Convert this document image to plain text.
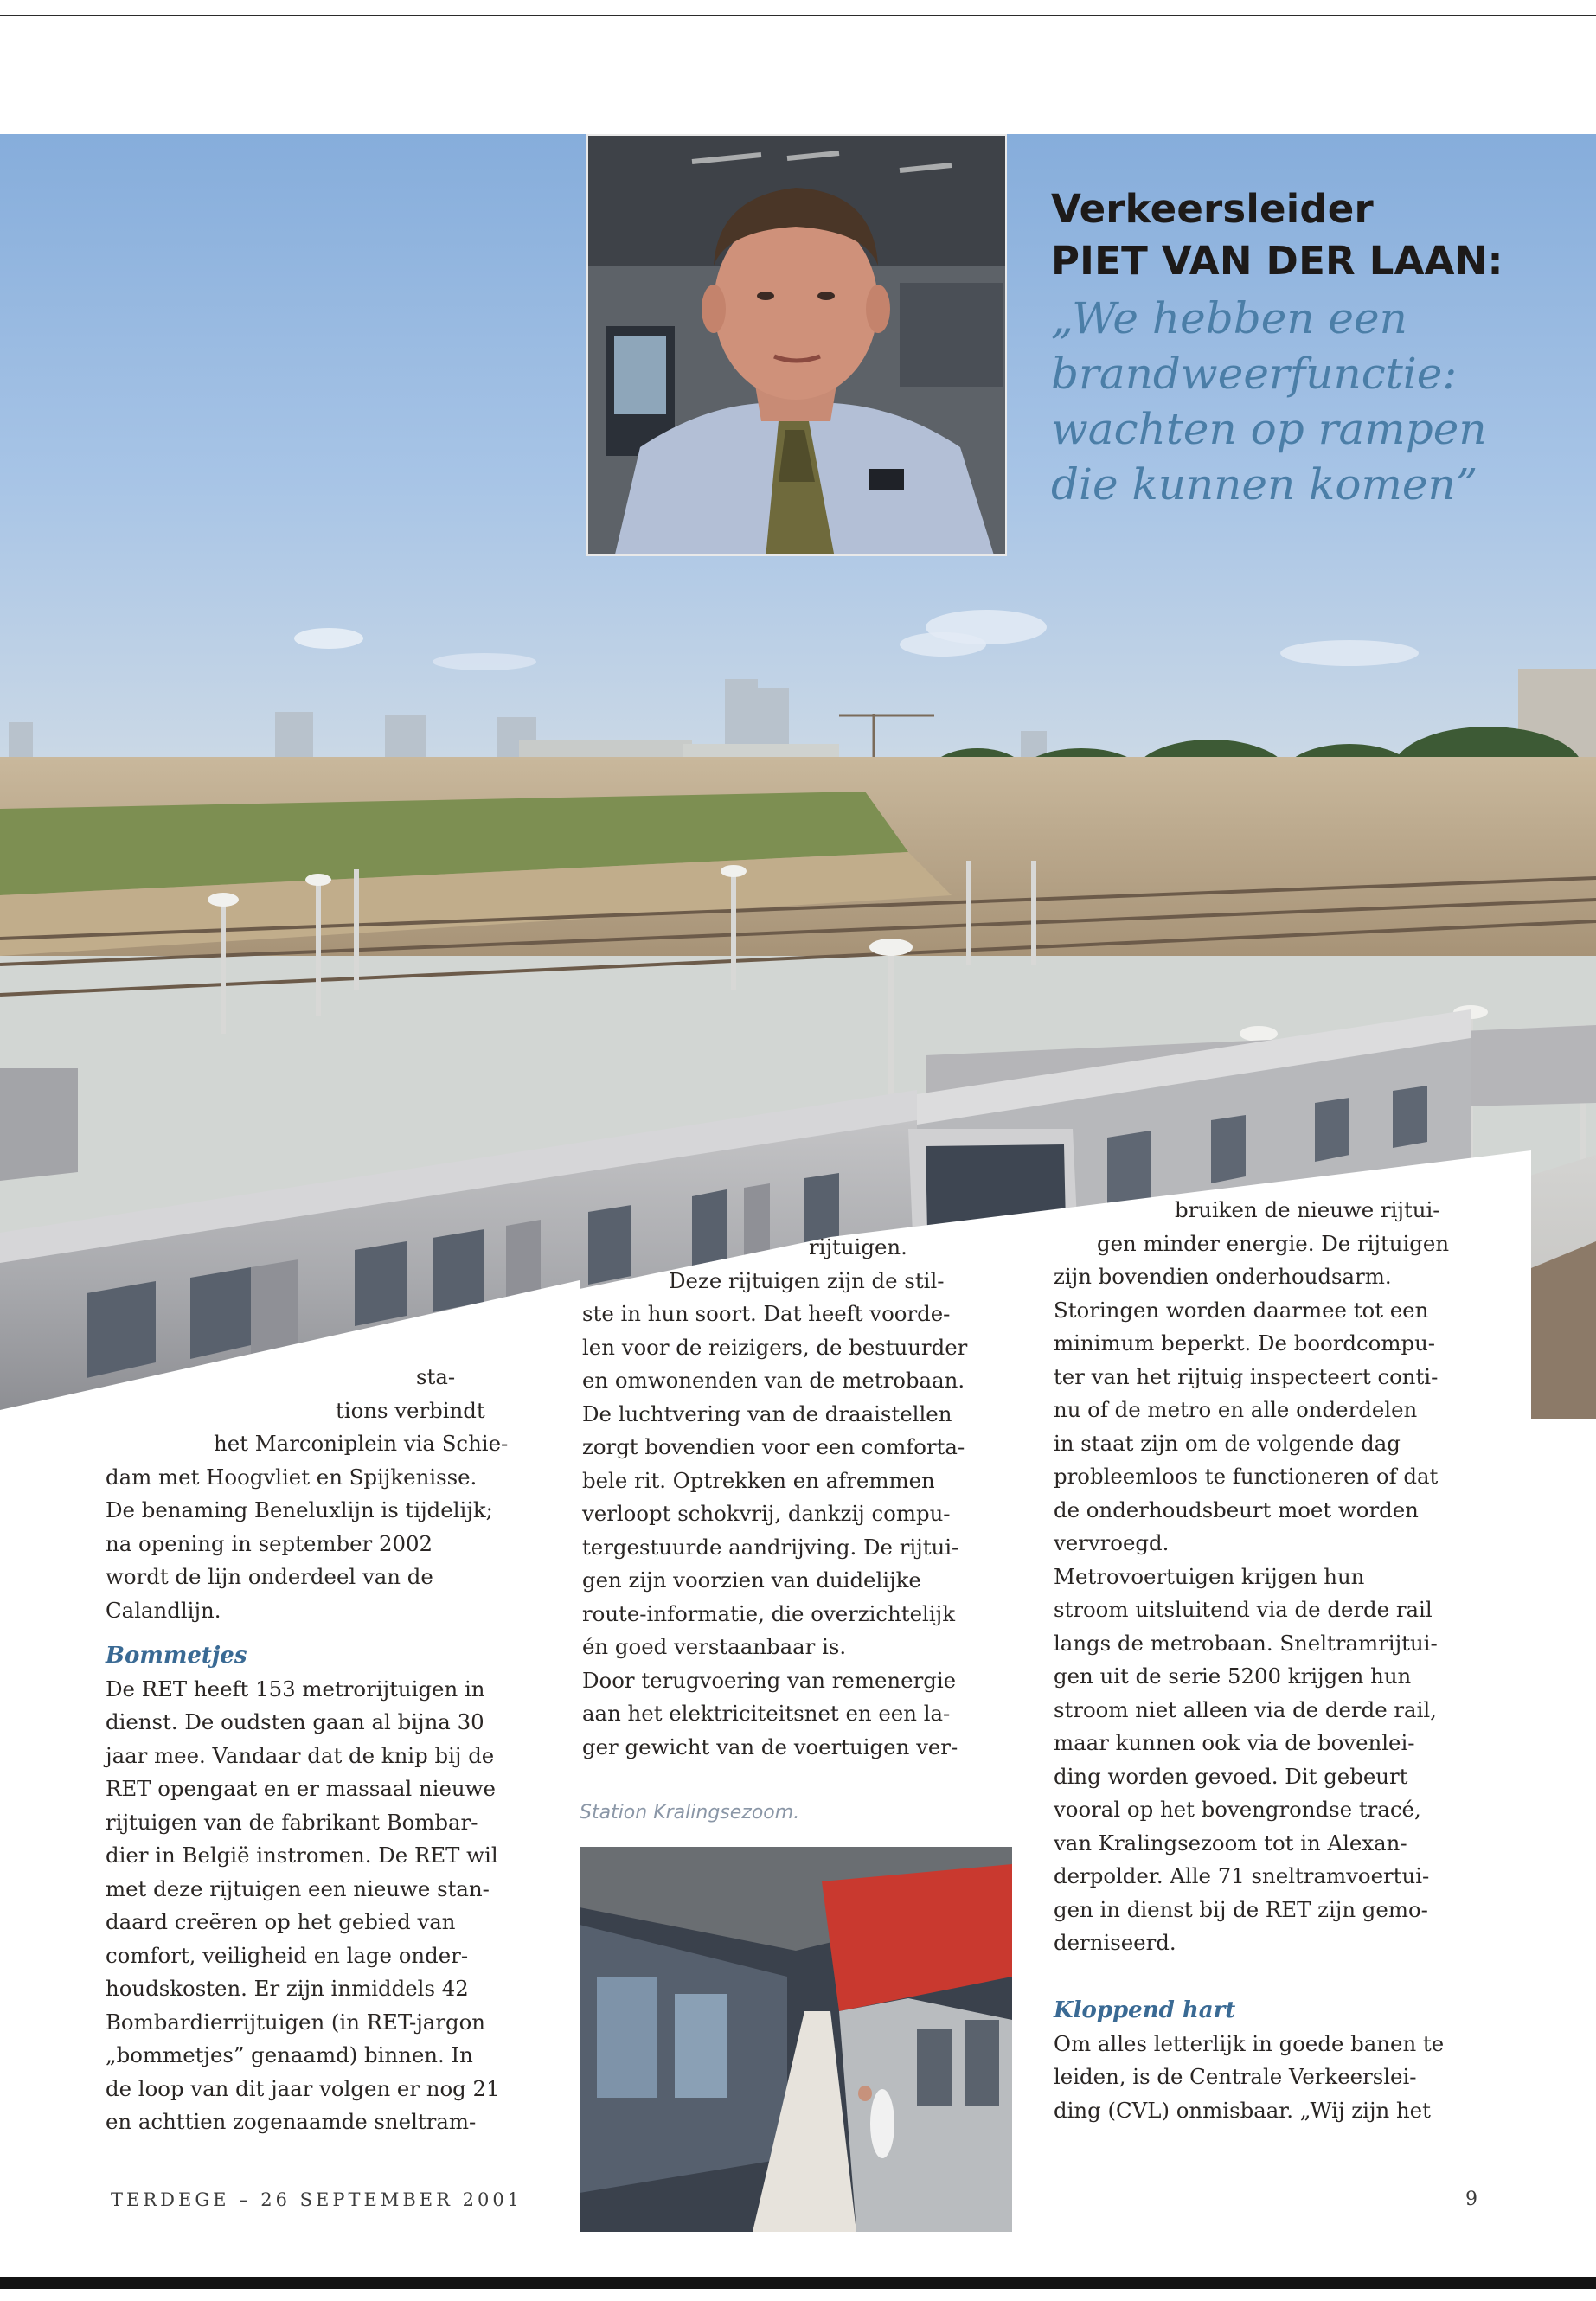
Verkeersleider
PIET VAN DER LAAN:
„We hebben een
brandweerfunctie:
wachten op rampen
die kunnen komen”
sta-
tions verbindt
het Marconiplein via Schie-
dam met Hoogvliet en Spijkenisse.
De benaming Beneluxlijn is tijdelijk;
na opening in september 2002
wordt de lijn onderdeel van de
Calandlijn.
Bommetjes
De RET heeft 153 metrorijtuigen in
dienst. De oudsten gaan al bijna 30
jaar mee. Vandaar dat de knip bij de
RET opengaat en er massaal nieuwe
rijtuigen van de fabrikant Bombar-
dier in België instromen. De RET wil
met deze rijtuigen een nieuwe stan-
daard creëren op het gebied van
comfort, veiligheid en lage onder-
houdskosten. Er zijn inmiddels 42
Bombardierrijtuigen (in RET-jargon
„bommetjes” genaamd) binnen. In
de loop van dit jaar volgen er nog 21
en achttien zogenaamde sneltram-
rijtuigen.
Deze rijtuigen zijn de stil-
ste in hun soort. Dat heeft voorde-
len voor de reizigers, de bestuurder
en omwonenden van de metrobaan.
De luchtvering van de draaistellen
zorgt bovendien voor een comforta-
bele rit. Optrekken en afremmen
verloopt schokvrij, dankzij compu-
tergestuurde aandrijving. De rijtui-
gen zijn voorzien van duidelijke
route-informatie, die overzichtelijk
én goed verstaanbaar is.
Door terugvoering van remenergie
aan het elektriciteitsnet en een la-
ger gewicht van de voertuigen ver-
Station Kralingsezoom.
bruiken de nieuwe rijtui-
gen minder energie. De rijtuigen
zijn bovendien onderhoudsarm.
Storingen worden daarmee tot een
minimum beperkt. De boordcompu-
ter van het rijtuig inspecteert conti-
nu of de metro en alle onderdelen
in staat zijn om de volgende dag
probleemloos te functioneren of dat
de onderhoudsbeurt moet worden
vervroegd.
Metrovoertuigen krijgen hun
stroom uitsluitend via de derde rail
langs de metrobaan. Sneltramrijtui-
gen uit de serie 5200 krijgen hun
stroom niet alleen via de derde rail,
maar kunnen ook via de bovenlei-
ding worden gevoed. Dit gebeurt
vooral op het bovengrondse tracé,
van Kralingsezoom tot in Alexan-
derpolder. Alle 71 sneltramvoertui-
gen in dienst bij de RET zijn gemo-
derniseerd.
Kloppend hart
Om alles letterlijk in goede banen te
leiden, is de Centrale Verkeerslei-
ding (CVL) onmisbaar. „Wij zijn het
TERDEGE – 26 SEPTEMBER 2001	9
